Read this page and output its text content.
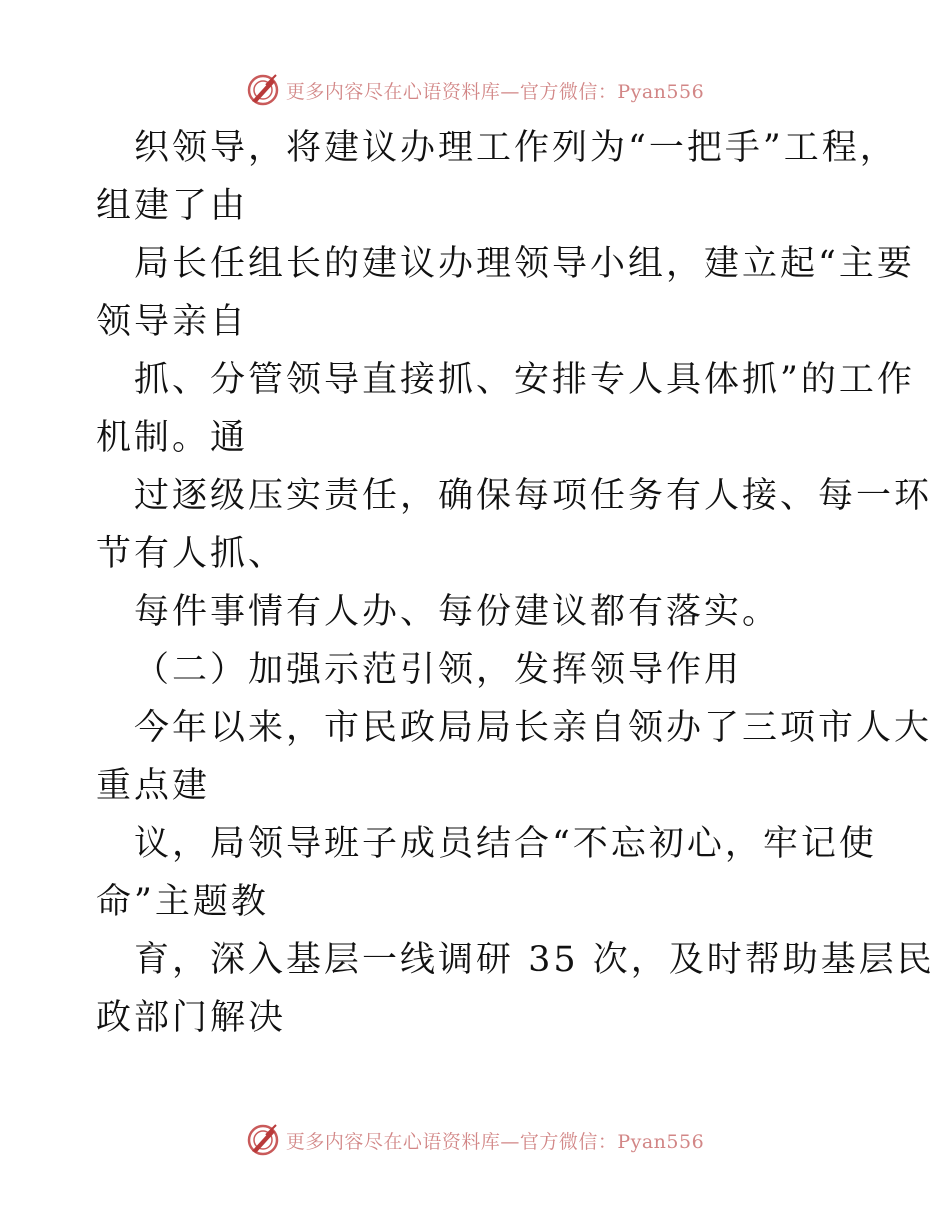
更多内容尽在心语资料库—官方微信：Pyan556
织领导，将建议办理工作列为“一把手”工程，
组建了由
局长任组长的建议办理领导小组，建立起“主要
领导亲自
抓、分管领导直接抓、安排专人具体抓”的工作
机制。通
过逐级压实责任，确保每项任务有人接、每一环
节有人抓、
每件事情有人办、每份建议都有落实。
（二）加强示范引领，发挥领导作用
今年以来，市民政局局长亲自领办了三项市人大
重点建
议，局领导班子成员结合“不忘初心，牢记使
命”主题教
育，深入基层一线调研 35 次，及时帮助基层民
政部门解决
更多内容尽在心语资料库—官方微信：Pyan556
